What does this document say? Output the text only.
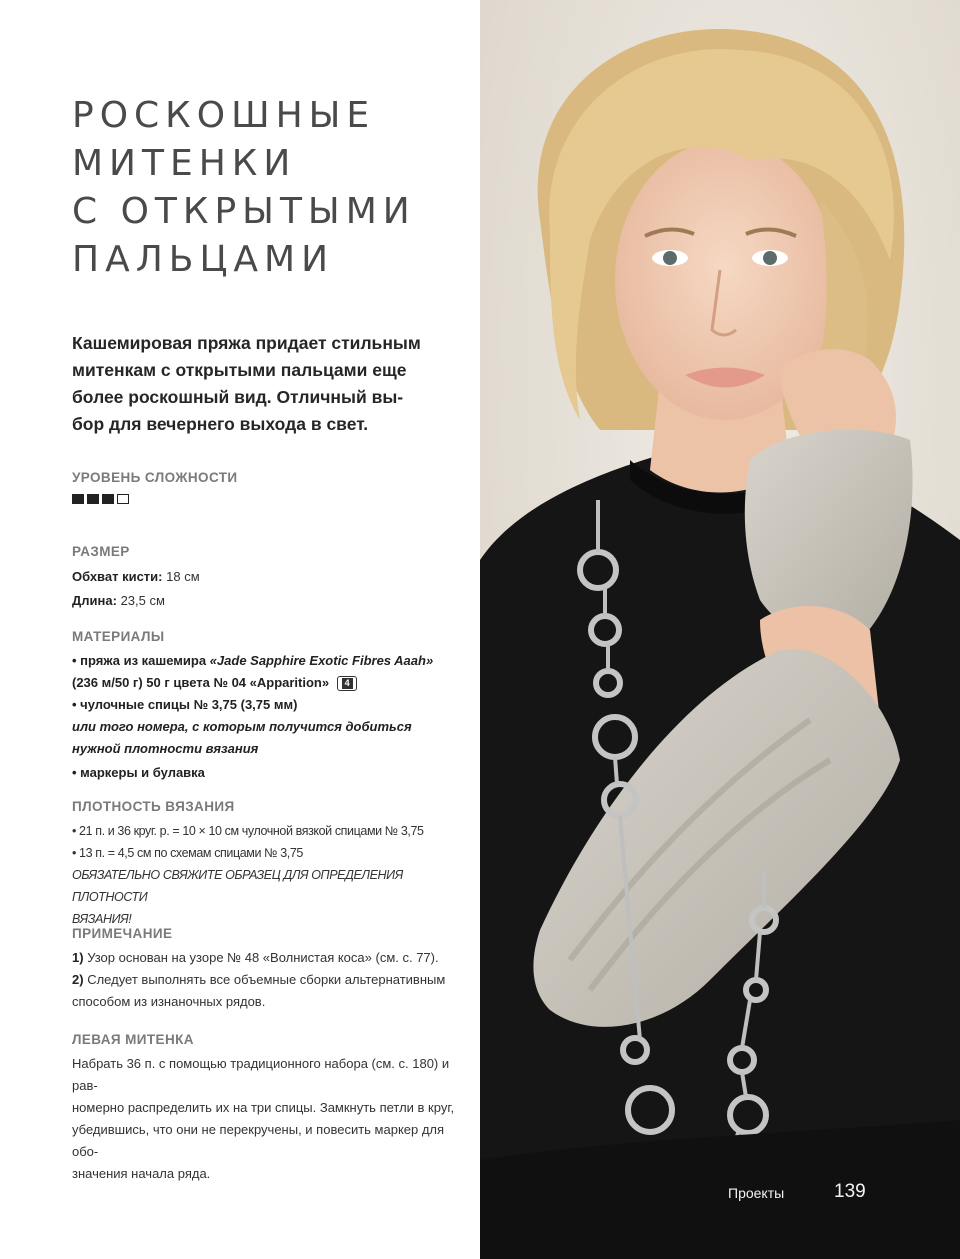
РОСКОШНЫЕ
МИТЕНКИ
С ОТКРЫТЫМИ
ПАЛЬЦАМИ
Кашемировая пряжа придает стильным
митенкам с открытыми пальцами еще
более роскошный вид. Отличный вы-
бор для вечернего выхода в свет.
УРОВЕНЬ СЛОЖНОСТИ
РАЗМЕР
Обхват кисти: 18 см
Длина: 23,5 см
МАТЕРИАЛЫ
• пряжа из кашемира «Jade Sapphire Exotic Fibres Aaah»
(236 м/50 г) 50 г цвета № 04 «Apparition» 4
• чулочные спицы № 3,75 (3,75 мм)
или того номера, с которым получится добиться
нужной плотности вязания
• маркеры и булавка
ПЛОТНОСТЬ ВЯЗАНИЯ
• 21 п. и 36 круг. р. = 10 × 10 см чулочной вязкой спицами № 3,75
• 13 п. = 4,5 см по схемам спицами № 3,75
ОБЯЗАТЕЛЬНО СВЯЖИТЕ ОБРАЗЕЦ ДЛЯ ОПРЕДЕЛЕНИЯ ПЛОТНОСТИ
ВЯЗАНИЯ!
ПРИМЕЧАНИЕ
1) Узор основан на узоре № 48 «Волнистая коса» (см. с. 77).
2) Следует выполнять все объемные сборки альтернативным
способом из изнаночных рядов.
ЛЕВАЯ МИТЕНКА
Набрать 36 п. с помощью традиционного набора (см. с. 180) и рав-
номерно распределить их на три спицы. Замкнуть петли в круг,
убедившись, что они не перекручены, и повесить маркер для обо-
значения начала ряда.
Проекты	139
